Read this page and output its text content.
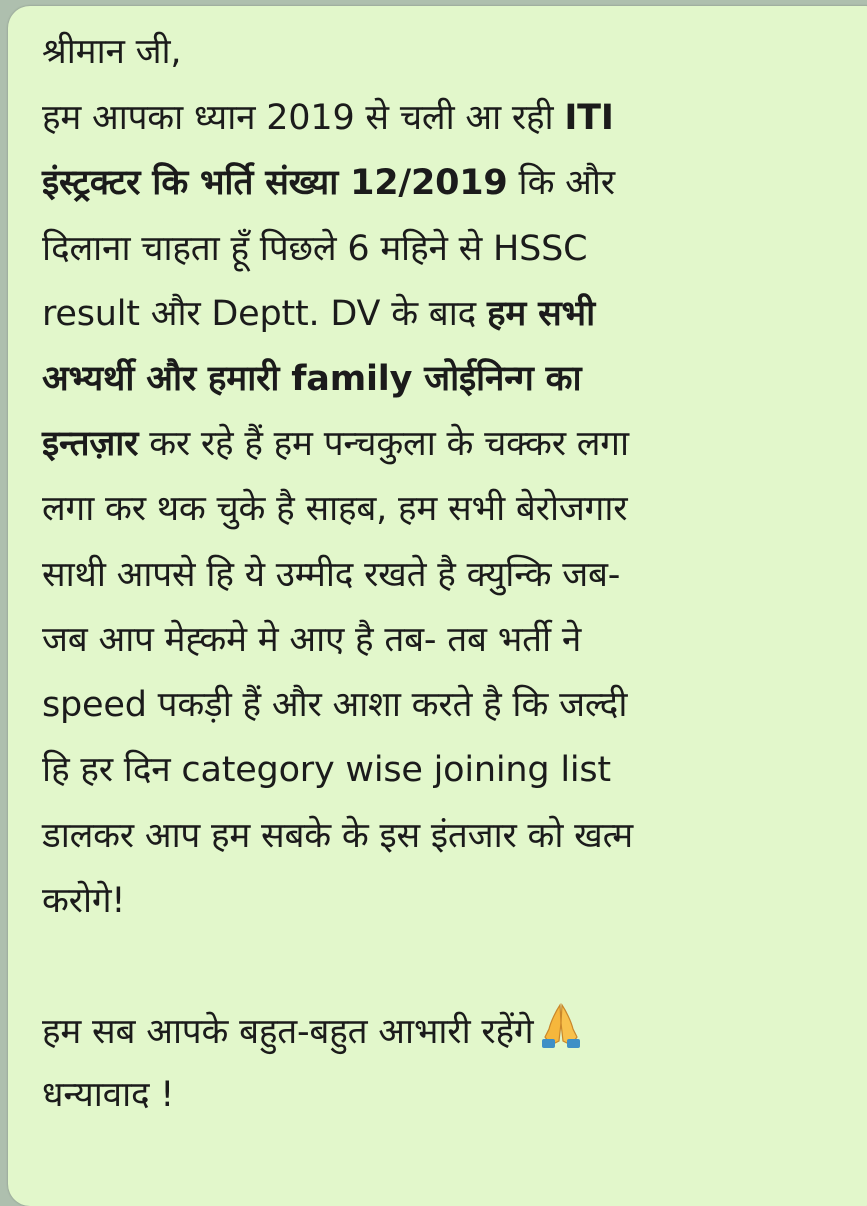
श्रीमान जी,
हम आपका ध्यान 2019 से चली आ रही ITI
इंस्ट्रक्टर कि भर्ति संख्या 12/2019 कि और
दिलाना चाहता हूँ पिछले 6 महिने से HSSC
result और Deptt. DV के बाद हम सभी
अभ्यर्थी और हमारी family जोईनिन्ग का
इन्तज़ार कर रहे हैं हम पन्चकुला के चक्कर लगा
लगा कर थक चुके है साहब, हम सभी बेरोजगार
साथी आपसे हि ये उम्मीद रखते है क्युन्कि जब-
जब आप मेह्कमे मे आए है तब- तब भर्ती ने
speed पकड़ी हैं और आशा करते है कि जल्दी
हि हर दिन category wise joining list
डालकर आप हम सबके के इस इंतजार को खत्म
करोगे!
हम सब आपके बहुत-बहुत आभारी रहेंगे
धन्यावाद !
